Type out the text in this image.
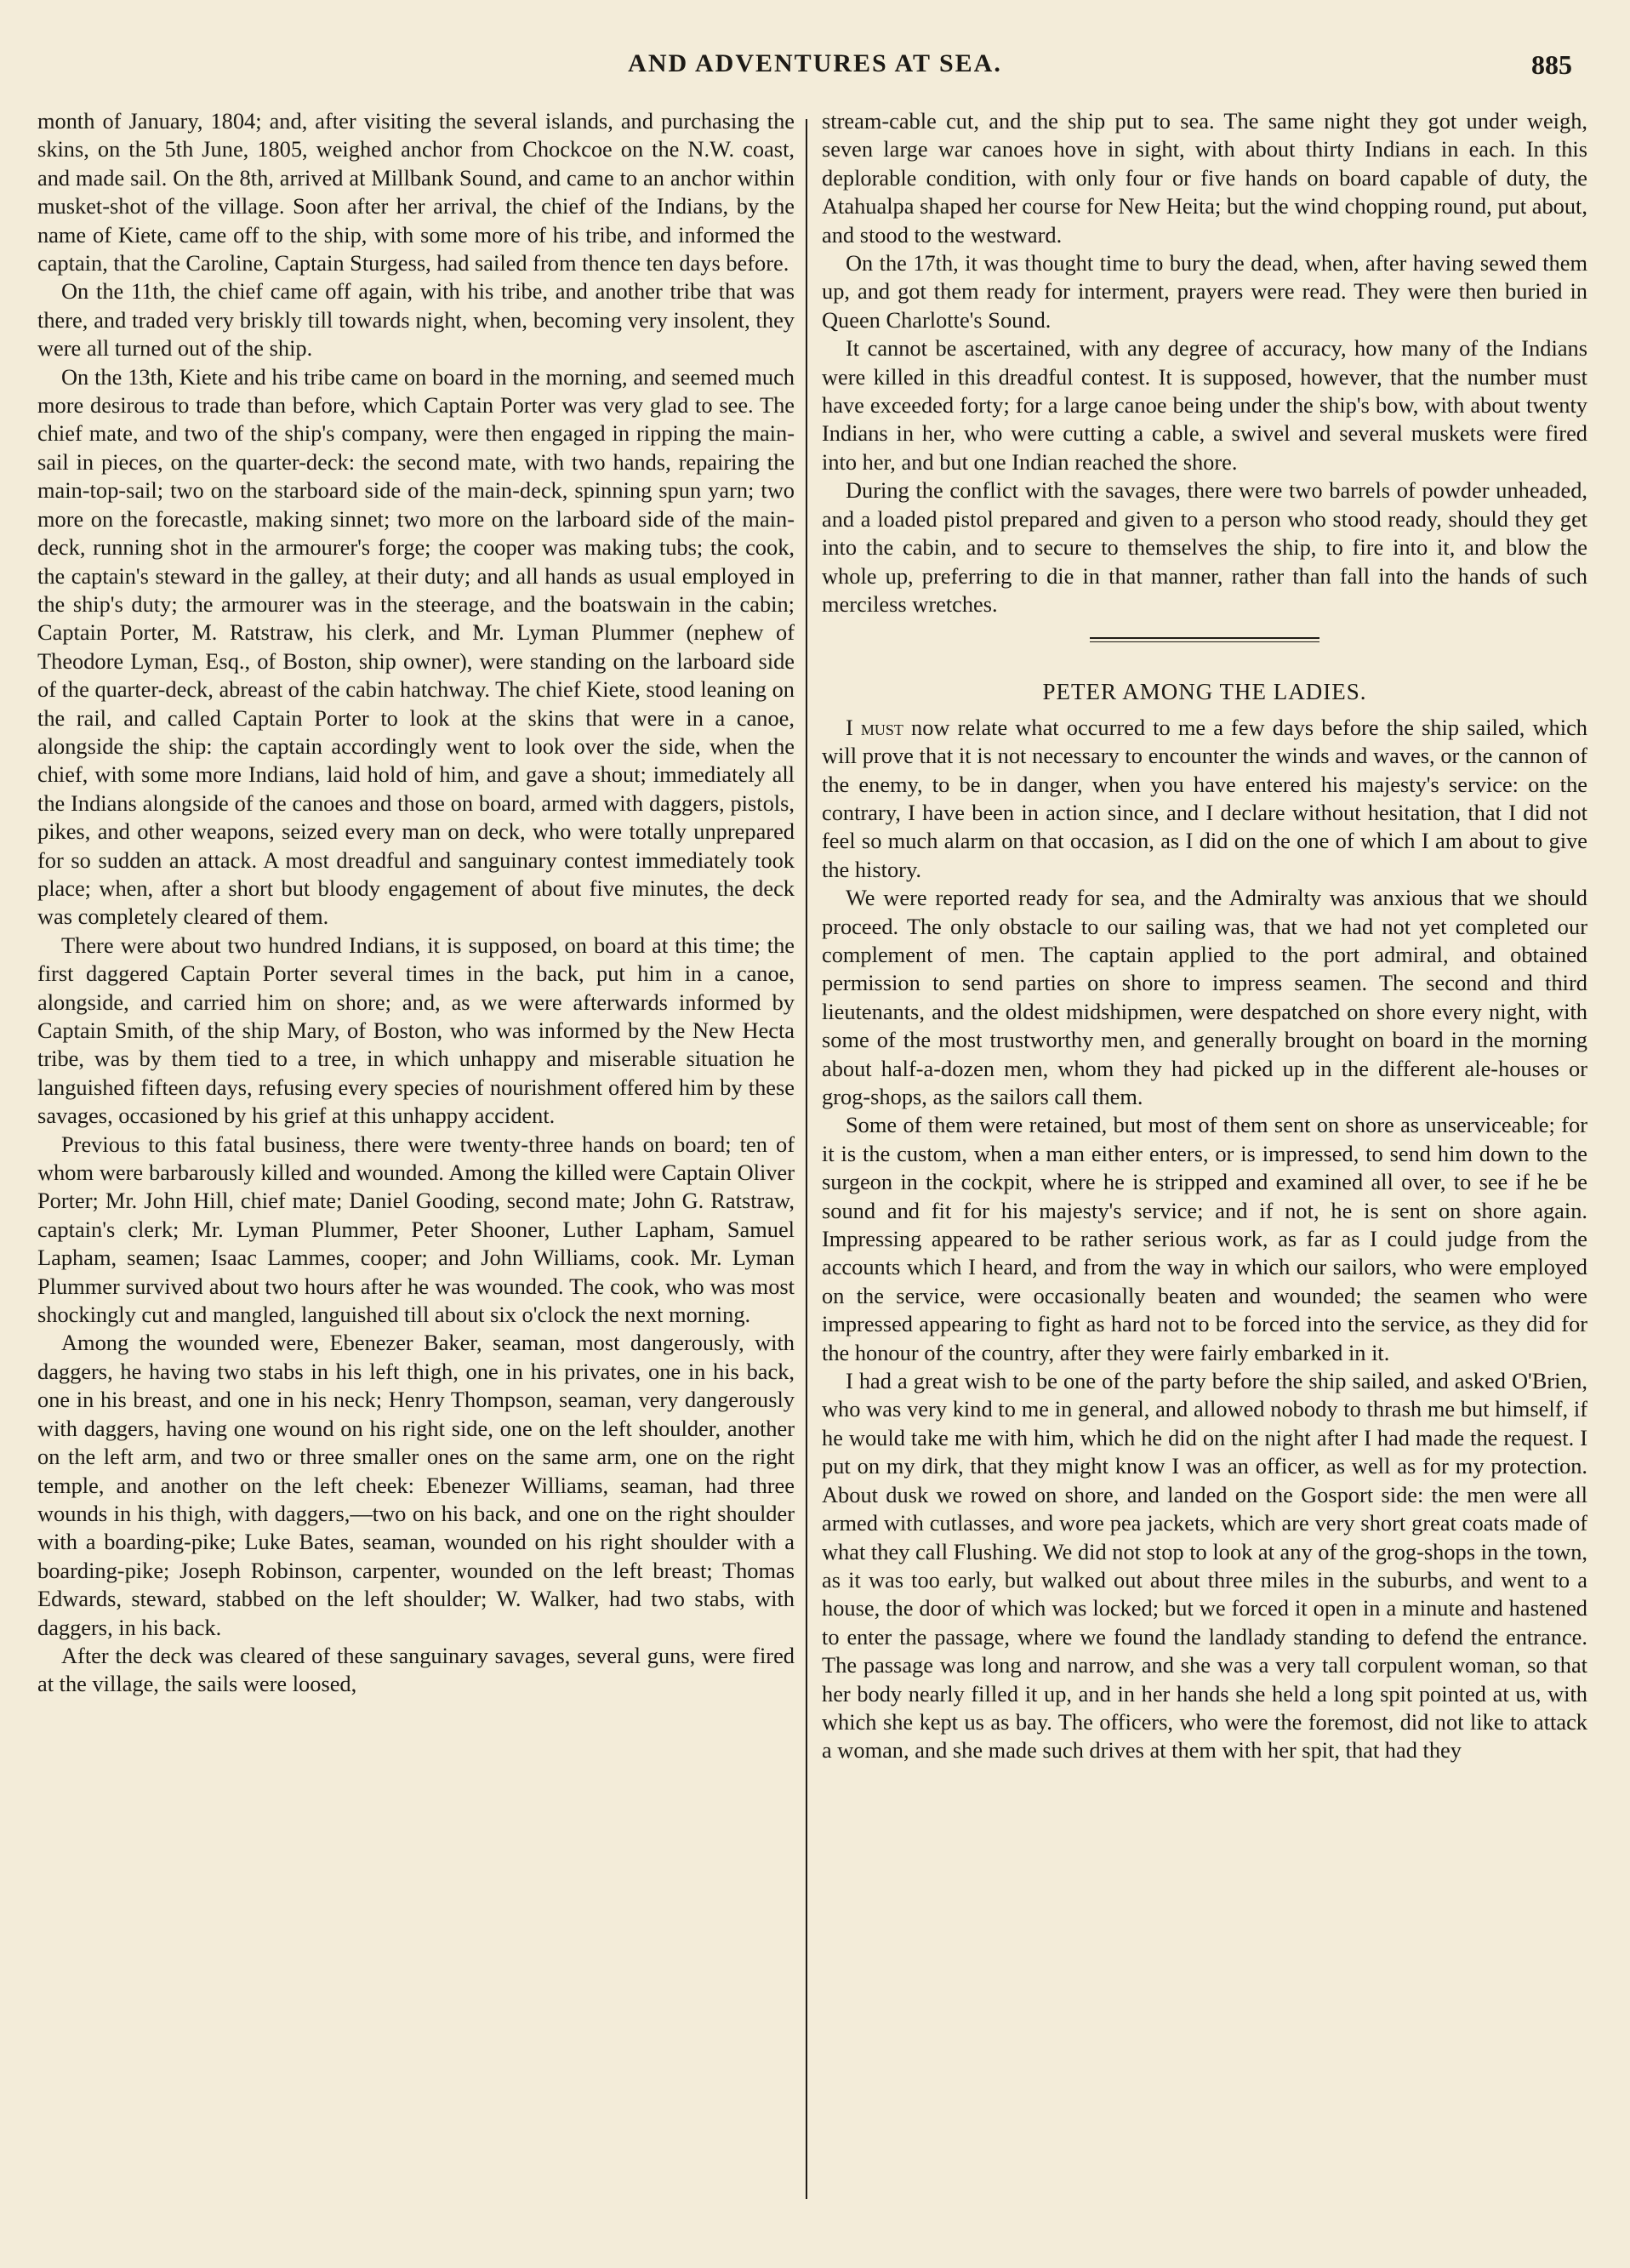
AND ADVENTURES AT SEA.	885

month of January, 1804; and, after visiting the several islands, and purchasing the skins, on the 5th June, 1805, weighed anchor from Chockcoe on the N.W. coast, and made sail. On the 8th, arrived at Millbank Sound, and came to an anchor within musket-shot of the village. Soon after her arrival, the chief of the Indians, by the name of Kiete, came off to the ship, with some more of his tribe, and informed the captain, that the Caroline, Captain Sturgess, had sailed from thence ten days before.

On the 11th, the chief came off again, with his tribe, and another tribe that was there, and traded very briskly till towards night, when, becoming very insolent, they were all turned out of the ship.

On the 13th, Kiete and his tribe came on board in the morning, and seemed much more desirous to trade than before, which Captain Porter was very glad to see. The chief mate, and two of the ship's company, were then engaged in ripping the main-sail in pieces, on the quarter-deck: the second mate, with two hands, repairing the main-top-sail; two on the starboard side of the main-deck, spinning spun yarn; two more on the forecastle, making sinnet; two more on the larboard side of the main-deck, running shot in the armourer's forge; the cooper was making tubs; the cook, the captain's steward in the galley, at their duty; and all hands as usual employed in the ship's duty; the armourer was in the steerage, and the boatswain in the cabin; Captain Porter, M. Ratstraw, his clerk, and Mr. Lyman Plummer (nephew of Theodore Lyman, Esq., of Boston, ship owner), were standing on the larboard side of the quarter-deck, abreast of the cabin hatchway. The chief Kiete, stood leaning on the rail, and called Captain Porter to look at the skins that were in a canoe, alongside the ship: the captain accordingly went to look over the side, when the chief, with some more Indians, laid hold of him, and gave a shout; immediately all the Indians alongside of the canoes and those on board, armed with daggers, pistols, pikes, and other weapons, seized every man on deck, who were totally unprepared for so sudden an attack. A most dreadful and sanguinary contest immediately took place; when, after a short but bloody engagement of about five minutes, the deck was completely cleared of them.

There were about two hundred Indians, it is supposed, on board at this time; the first daggered Captain Porter several times in the back, put him in a canoe, alongside, and carried him on shore; and, as we were afterwards informed by Captain Smith, of the ship Mary, of Boston, who was informed by the New Hecta tribe, was by them tied to a tree, in which unhappy and miserable situation he languished fifteen days, refusing every species of nourishment offered him by these savages, occasioned by his grief at this unhappy accident.

Previous to this fatal business, there were twenty-three hands on board; ten of whom were barbarously killed and wounded. Among the killed were Captain Oliver Porter; Mr. John Hill, chief mate; Daniel Gooding, second mate; John G. Ratstraw, captain's clerk; Mr. Lyman Plummer, Peter Shooner, Luther Lapham, Samuel Lapham, seamen; Isaac Lammes, cooper; and John Williams, cook. Mr. Lyman Plummer survived about two hours after he was wounded. The cook, who was most shockingly cut and mangled, languished till about six o'clock the next morning.

Among the wounded were, Ebenezer Baker, seaman, most dangerously, with daggers, he having two stabs in his left thigh, one in his privates, one in his back, one in his breast, and one in his neck; Henry Thompson, seaman, very dangerously with daggers, having one wound on his right side, one on the left shoulder, another on the left arm, and two or three smaller ones on the same arm, one on the right temple, and another on the left cheek: Ebenezer Williams, seaman, had three wounds in his thigh, with daggers,—two on his back, and one on the right shoulder with a boarding-pike; Luke Bates, seaman, wounded on his right shoulder with a boarding-pike; Joseph Robinson, carpenter, wounded on the left breast; Thomas Edwards, steward, stabbed on the left shoulder; W. Walker, had two stabs, with daggers, in his back.

After the deck was cleared of these sanguinary savages, several guns, were fired at the village, the sails were loosed,

stream-cable cut, and the ship put to sea. The same night they got under weigh, seven large war canoes hove in sight, with about thirty Indians in each. In this deplorable condition, with only four or five hands on board capable of duty, the Atahualpa shaped her course for New Heita; but the wind chopping round, put about, and stood to the westward.

On the 17th, it was thought time to bury the dead, when, after having sewed them up, and got them ready for interment, prayers were read. They were then buried in Queen Charlotte's Sound.

It cannot be ascertained, with any degree of accuracy, how many of the Indians were killed in this dreadful contest. It is supposed, however, that the number must have exceeded forty; for a large canoe being under the ship's bow, with about twenty Indians in her, who were cutting a cable, a swivel and several muskets were fired into her, and but one Indian reached the shore.

During the conflict with the savages, there were two barrels of powder unheaded, and a loaded pistol prepared and given to a person who stood ready, should they get into the cabin, and to secure to themselves the ship, to fire into it, and blow the whole up, preferring to die in that manner, rather than fall into the hands of such merciless wretches.

PETER AMONG THE LADIES.

I must now relate what occurred to me a few days before the ship sailed, which will prove that it is not necessary to encounter the winds and waves, or the cannon of the enemy, to be in danger, when you have entered his majesty's service: on the contrary, I have been in action since, and I declare without hesitation, that I did not feel so much alarm on that occasion, as I did on the one of which I am about to give the history.

We were reported ready for sea, and the Admiralty was anxious that we should proceed. The only obstacle to our sailing was, that we had not yet completed our complement of men. The captain applied to the port admiral, and obtained permission to send parties on shore to impress seamen. The second and third lieutenants, and the oldest midshipmen, were despatched on shore every night, with some of the most trustworthy men, and generally brought on board in the morning about half-a-dozen men, whom they had picked up in the different ale-houses or grog-shops, as the sailors call them.

Some of them were retained, but most of them sent on shore as unserviceable; for it is the custom, when a man either enters, or is impressed, to send him down to the surgeon in the cockpit, where he is stripped and examined all over, to see if he be sound and fit for his majesty's service; and if not, he is sent on shore again. Impressing appeared to be rather serious work, as far as I could judge from the accounts which I heard, and from the way in which our sailors, who were employed on the service, were occasionally beaten and wounded; the seamen who were impressed appearing to fight as hard not to be forced into the service, as they did for the honour of the country, after they were fairly embarked in it.

I had a great wish to be one of the party before the ship sailed, and asked O'Brien, who was very kind to me in general, and allowed nobody to thrash me but himself, if he would take me with him, which he did on the night after I had made the request. I put on my dirk, that they might know I was an officer, as well as for my protection. About dusk we rowed on shore, and landed on the Gosport side: the men were all armed with cutlasses, and wore pea jackets, which are very short great coats made of what they call Flushing. We did not stop to look at any of the grog-shops in the town, as it was too early, but walked out about three miles in the suburbs, and went to a house, the door of which was locked; but we forced it open in a minute and hastened to enter the passage, where we found the landlady standing to defend the entrance. The passage was long and narrow, and she was a very tall corpulent woman, so that her body nearly filled it up, and in her hands she held a long spit pointed at us, with which she kept us as bay. The officers, who were the foremost, did not like to attack a woman, and she made such drives at them with her spit, that had they
